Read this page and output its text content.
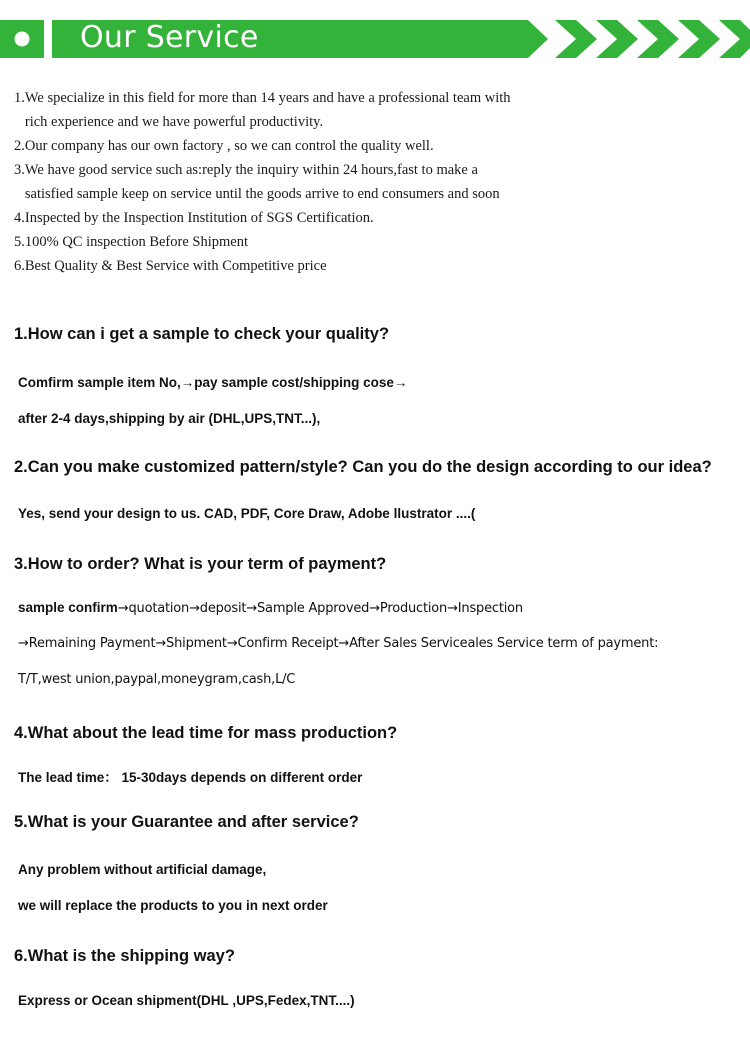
Our Service
1.We specialize in this field for more than 14 years and have a professional team with
rich experience and we have powerful productivity.
2.Our company has our own factory , so we can control the quality well.
3.We have good service such as:reply the inquiry within 24 hours,fast to make a
satisfied sample keep on service until the goods arrive to end consumers and soon
4.Inspected by the Inspection Institution of SGS Certification.
5.100% QC inspection Before Shipment
6.Best Quality & Best Service with Competitive price
1.How can i get a sample to check your quality?
Comfirm sample item No,→pay sample cost/shipping cose→
after 2-4 days,shipping by air (DHL,UPS,TNT...),
2.Can you make customized pattern/style? Can you do the design according to our idea?
Yes, send your design to us. CAD, PDF, Core Draw, Adobe llustrator ....(
3.How to order? What is your term of payment?
sample confirm→quotation→deposit→Sample Approved→Production→Inspection
→Remaining Payment→Shipment→Confirm Receipt→After Sales Serviceales Service term of payment:
T/T,west union,paypal,moneygram,cash,L/C
4.What about the lead time for mass production?
The lead time： 15-30days depends on different order
5.What is your Guarantee and after service?
Any problem without artificial damage,
we will replace the products to you in next order
6.What is the shipping way?
Express or Ocean shipment(DHL ,UPS,Fedex,TNT....)
